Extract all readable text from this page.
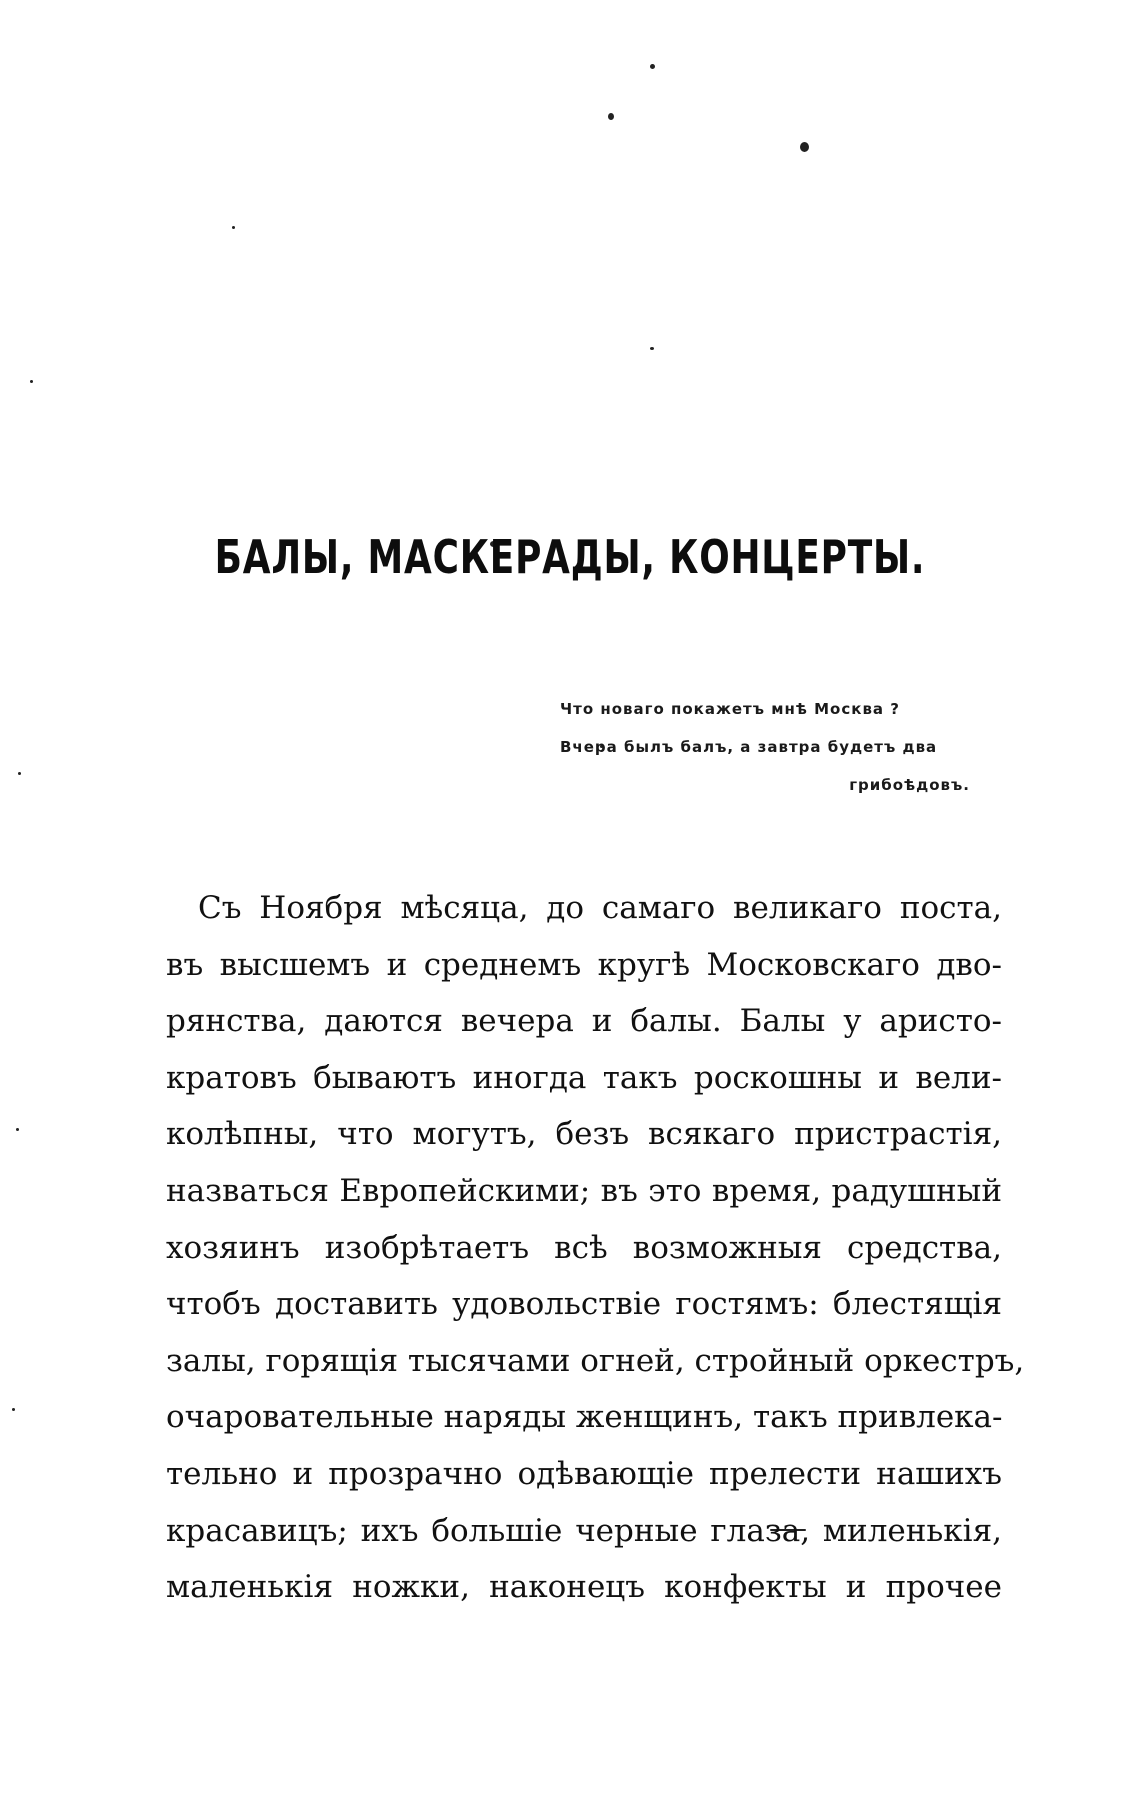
БАЛЫ, МАСКЕРАДЫ, КОНЦЕРТЫ.
Что новаго покажетъ мнѣ Москва ?
Вчера былъ балъ, а завтра будетъ два
грибоѣдовъ.
Съ Ноября мѣсяца, до самаго великаго поста,
въ высшемъ и среднемъ кругѣ Московскаго дво-
рянства, даются вечера и балы. Балы у аристо-
кратовъ бываютъ иногда такъ роскошны и вели-
колѣпны, что могутъ, безъ всякаго пристрастія,
назваться Европейскими; въ это время, радушный
хозяинъ изобрѣтаетъ всѣ возможныя средства,
чтобъ доставить удовольствіе гостямъ: блестящія
залы, горящія тысячами огней, стройный оркестръ,
очаровательные наряды женщинъ, такъ привлека-
тельно и прозрачно одѣвающіе прелести нашихъ
красавицъ; ихъ большіе черные глаза, миленькія,
маленькія ножки, наконецъ конфекты и прочее
